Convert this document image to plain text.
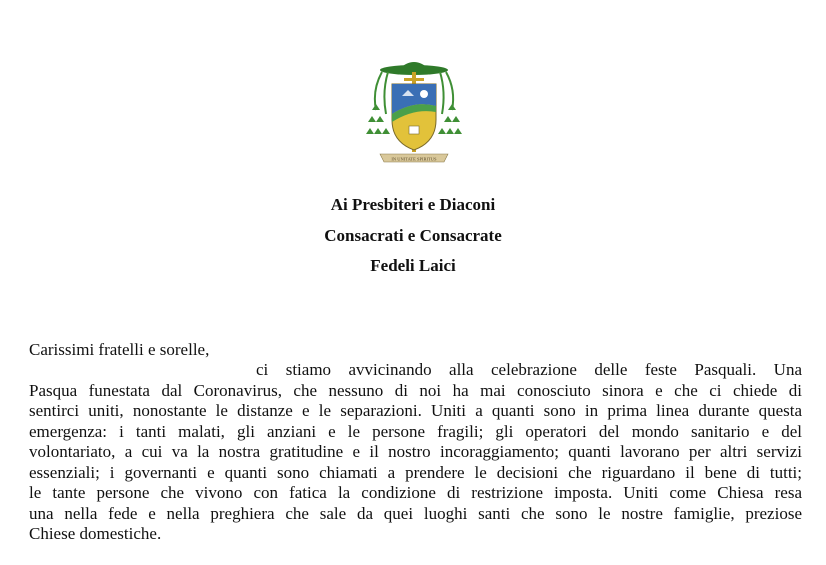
IN UNITATE SPIRITUS
Ai Presbiteri e Diaconi
Consacrati e Consacrate
Fedeli Laici
Carissimi fratelli e sorelle,
ci stiamo avvicinando alla celebrazione delle feste Pasquali. Una
Pasqua funestata dal Coronavirus, che nessuno di noi ha mai conosciuto sinora e che ci chiede di
sentirci uniti, nonostante le distanze e le separazioni. Uniti a quanti sono in prima linea durante questa
emergenza: i tanti malati, gli anziani e le persone fragili; gli operatori del mondo sanitario e del
volontariato, a cui va la nostra gratitudine e il nostro incoraggiamento; quanti lavorano per altri servizi
essenziali; i governanti e quanti sono chiamati a prendere le decisioni che riguardano il bene di tutti;
le tante persone che vivono con fatica la condizione di restrizione imposta. Uniti come Chiesa resa
una nella fede e nella preghiera che sale da quei luoghi santi che sono le nostre famiglie, preziose
Chiese domestiche.
